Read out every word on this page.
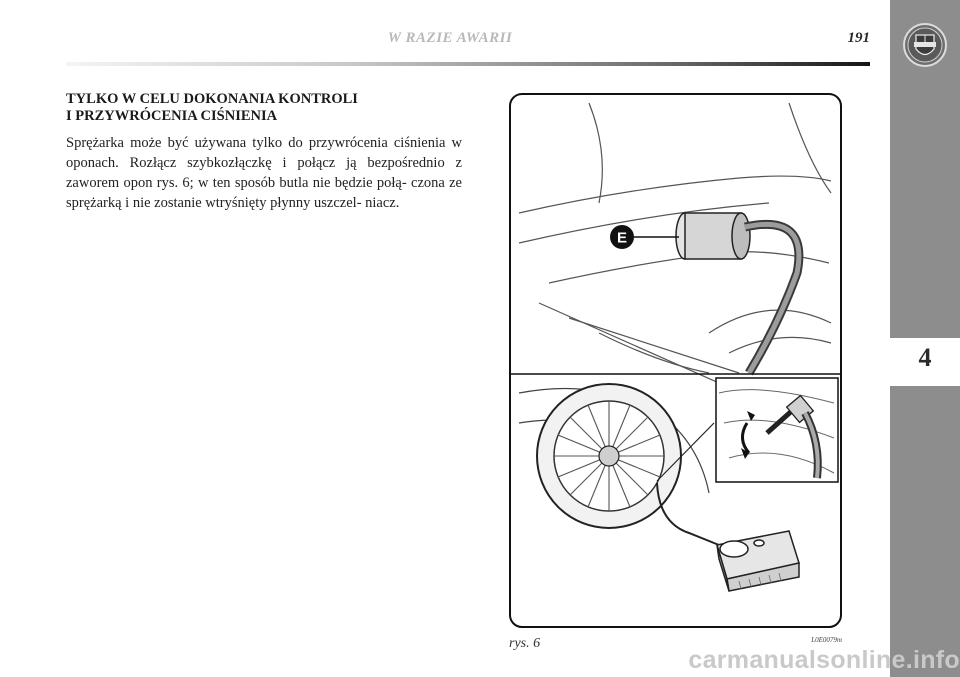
W RAZIE AWARII	191
4
TYLKO W CELU DOKONANIA KONTROLI
I PRZYWRÓCENIA CIŚNIENIA
Sprężarka może być używana tylko do przywrócenia ciśnienia w oponach. Rozłącz szybkozłączkę i połącz ją bezpośrednio z zaworem opon rys. 6; w ten sposób butla nie będzie połą- czona ze sprężarką i nie zostanie wtryśnięty płynny uszczel- niacz.
E
rys. 6	L0E0079m
carmanualsonline.info
